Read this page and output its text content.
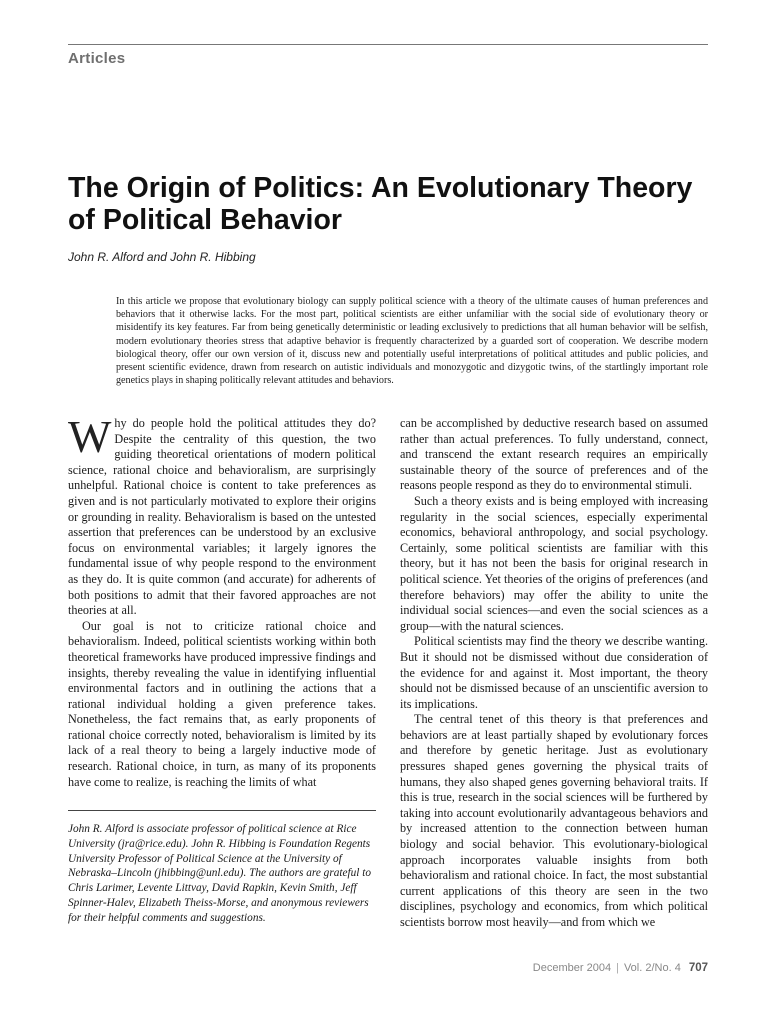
Articles
The Origin of Politics: An Evolutionary Theory of Political Behavior
John R. Alford and John R. Hibbing

In this article we propose that evolutionary biology can supply political science with a theory of the ultimate causes of human preferences and behaviors that it otherwise lacks. For the most part, political scientists are either unfamiliar with the social side of evolutionary theory or misidentify its key features. Far from being genetically deterministic or leading exclusively to predictions that all human behavior will be selfish, modern evolutionary theories stress that adaptive behavior is frequently characterized by a guarded sort of cooperation. We describe modern biological theory, offer our own version of it, discuss new and potentially useful interpretations of political attitudes and public policies, and present scientific evidence, drawn from research on autistic individuals and monozygotic and dizygotic twins, of the startlingly important role genetics plays in shaping politically relevant attitudes and behaviors.

Why do people hold the political attitudes they do? Despite the centrality of this question, the two guiding theoretical orientations of modern political science, rational choice and behavioralism, are surprisingly unhelpful. Rational choice is content to take preferences as given and is not particularly motivated to explore their origins or grounding in reality. Behavioralism is based on the untested assertion that preferences can be understood by an exclusive focus on environmental variables; it largely ignores the fundamental issue of why people respond to the environment as they do. It is quite common (and accurate) for adherents of both positions to admit that their favored approaches are not theories at all.

Our goal is not to criticize rational choice and behavioralism. Indeed, political scientists working within both theoretical frameworks have produced impressive findings and insights, thereby revealing the value in identifying influential environmental factors and in outlining the actions that a rational individual holding a given preference takes. Nonetheless, the fact remains that, as early proponents of rational choice correctly noted, behavioralism is limited by its lack of a real theory to being a largely inductive mode of research. Rational choice, in turn, as many of its proponents have come to realize, is reaching the limits of what

John R. Alford is associate professor of political science at Rice University (jra@rice.edu). John R. Hibbing is Foundation Regents University Professor of Political Science at the University of Nebraska–Lincoln (jhibbing@unl.edu). The authors are grateful to Chris Larimer, Levente Littvay, David Rapkin, Kevin Smith, Jeff Spinner-Halev, Elizabeth Theiss-Morse, and anonymous reviewers for their helpful comments and suggestions.

can be accomplished by deductive research based on assumed rather than actual preferences. To fully understand, connect, and transcend the extant research requires an empirically sustainable theory of the source of preferences and of the reasons people respond as they do to environmental stimuli.

Such a theory exists and is being employed with increasing regularity in the social sciences, especially experimental economics, behavioral anthropology, and social psychology. Certainly, some political scientists are familiar with this theory, but it has not been the basis for original research in political science. Yet theories of the origins of preferences (and therefore behaviors) may offer the ability to unite the individual social sciences—and even the social sciences as a group—with the natural sciences.

Political scientists may find the theory we describe wanting. But it should not be dismissed without due consideration of the evidence for and against it. Most important, the theory should not be dismissed because of an unscientific aversion to its implications.

The central tenet of this theory is that preferences and behaviors are at least partially shaped by evolutionary forces and therefore by genetic heritage. Just as evolutionary pressures shaped genes governing the physical traits of humans, they also shaped genes governing behavioral traits. If this is true, research in the social sciences will be furthered by taking into account evolutionarily advantageous behaviors and by increased attention to the connection between human biology and social behavior. This evolutionary-biological approach incorporates valuable insights from both behavioralism and rational choice. In fact, the most substantial current applications of this theory are seen in the two disciplines, psychology and economics, from which political scientists borrow most heavily—and from which we

December 2004 | Vol. 2/No. 4 707
